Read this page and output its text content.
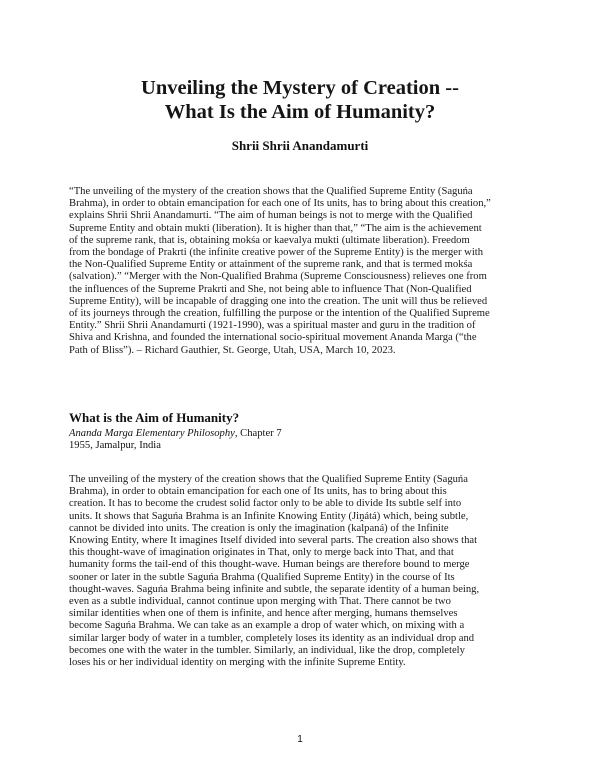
Unveiling the Mystery of Creation --
What Is the Aim of Humanity?

Shrii Shrii Anandamurti

“The unveiling of the mystery of the creation shows that the Qualified Supreme Entity (Saguńa
Brahma), in order to obtain emancipation for each one of Its units, has to bring about this creation,”
explains Shrii Shrii Anandamurti. “The aim of human beings is not to merge with the Qualified
Supreme Entity and obtain mukti (liberation). It is higher than that,” “The aim is the achievement
of the supreme rank, that is, obtaining mokśa or kaevalya mukti (ultimate liberation). Freedom
from the bondage of Prakrti (the infinite creative power of the Supreme Entity) is the merger with
the Non-Qualified Supreme Entity or attainment of the supreme rank, and that is termed mokśa
(salvation).” “Merger with the Non-Qualified Brahma (Supreme Consciousness) relieves one from
the influences of the Supreme Prakrti and She, not being able to influence That (Non-Qualified
Supreme Entity), will be incapable of dragging one into the creation. The unit will thus be relieved
of its journeys through the creation, fulfilling the purpose or the intention of the Qualified Supreme
Entity.” Shrii Shrii Anandamurti (1921-1990), was a spiritual master and guru in the tradition of
Shiva and Krishna, and founded the international socio-spiritual movement Ananda Marga (“the
Path of Bliss”). – Richard Gauthier, St. George, Utah, USA, March 10, 2023.

What is the Aim of Humanity?

Ananda Marga Elementary Philosophy, Chapter 7
1955, Jamalpur, India

The unveiling of the mystery of the creation shows that the Qualified Supreme Entity (Saguńa
Brahma), in order to obtain emancipation for each one of Its units, has to bring about this
creation. It has to become the crudest solid factor only to be able to divide Its subtle self into
units. It shows that Saguńa Brahma is an Infinite Knowing Entity (Jiṋátá) which, being subtle,
cannot be divided into units. The creation is only the imagination (kalpaná) of the Infinite
Knowing Entity, where It imagines Itself divided into several parts. The creation also shows that
this thought-wave of imagination originates in That, only to merge back into That, and that
humanity forms the tail-end of this thought-wave. Human beings are therefore bound to merge
sooner or later in the subtle Saguńa Brahma (Qualified Supreme Entity) in the course of Its
thought-waves. Saguńa Brahma being infinite and subtle, the separate identity of a human being,
even as a subtle individual, cannot continue upon merging with That. There cannot be two
similar identities when one of them is infinite, and hence after merging, humans themselves
become Saguńa Brahma. We can take as an example a drop of water which, on mixing with a
similar larger body of water in a tumbler, completely loses its identity as an individual drop and
becomes one with the water in the tumbler. Similarly, an individual, like the drop, completely
loses his or her individual identity on merging with the infinite Supreme Entity.

1
